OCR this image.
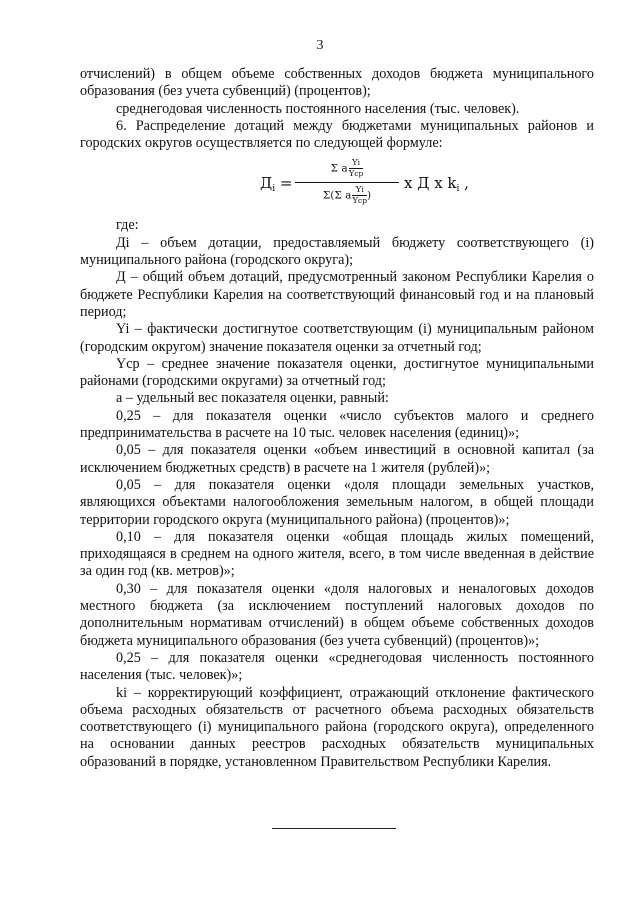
3

отчислений) в общем объеме собственных доходов бюджета муниципального образования (без учета субвенций) (процентов);

среднегодовая численность постоянного населения (тыс. человек).

6. Распределение дотаций между бюджетами муниципальных районов и городских округов осуществляется по следующей формуле:

$Д_i$ =
Σ a Yi
Yср
Σ(Σ a Yi
Yср )
x Д x $k_i$ ,

где:

Дi – объем дотации, предоставляемый бюджету соответствующего (i) муниципального района (городского округа);

Д – общий объем дотаций, предусмотренный законом Республики Карелия о бюджете Республики Карелия на соответствующий финансовый год и на плановый период;

Yi – фактически достигнутое соответствующим (i) муниципальным районом (городским округом) значение показателя оценки за отчетный год;

Yср – среднее значение показателя оценки, достигнутое муниципальными районами (городскими округами) за отчетный год;

а – удельный вес показателя оценки, равный:

0,25 – для показателя оценки «число субъектов малого и среднего предпринимательства в расчете на 10 тыс. человек населения (единиц)»;

0,05 – для показателя оценки «объем инвестиций в основной капитал (за исключением бюджетных средств) в расчете на 1 жителя (рублей)»;

0,05 – для показателя оценки «доля площади земельных участков, являющихся объектами налогообложения земельным налогом, в общей площади территории городского округа (муниципального района) (процентов)»;

0,10 – для показателя оценки «общая площадь жилых помещений, приходящаяся в среднем на одного жителя, всего, в том числе введенная в действие за один год (кв. метров)»;

0,30 – для показателя оценки «доля налоговых и неналоговых доходов местного бюджета (за исключением поступлений налоговых доходов по дополнительным нормативам отчислений) в общем объеме собственных доходов бюджета муниципального образования (без учета субвенций) (процентов)»;

0,25 – для показателя оценки «среднегодовая численность постоянного населения (тыс. человек)»;

ki – корректирующий коэффициент, отражающий отклонение фактического объема расходных обязательств от расчетного объема расходных обязательств соответствующего (i) муниципального района (городского округа), определенного на основании данных реестров расходных обязательств муниципальных образований в порядке, установленном Правительством Республики Карелия.
